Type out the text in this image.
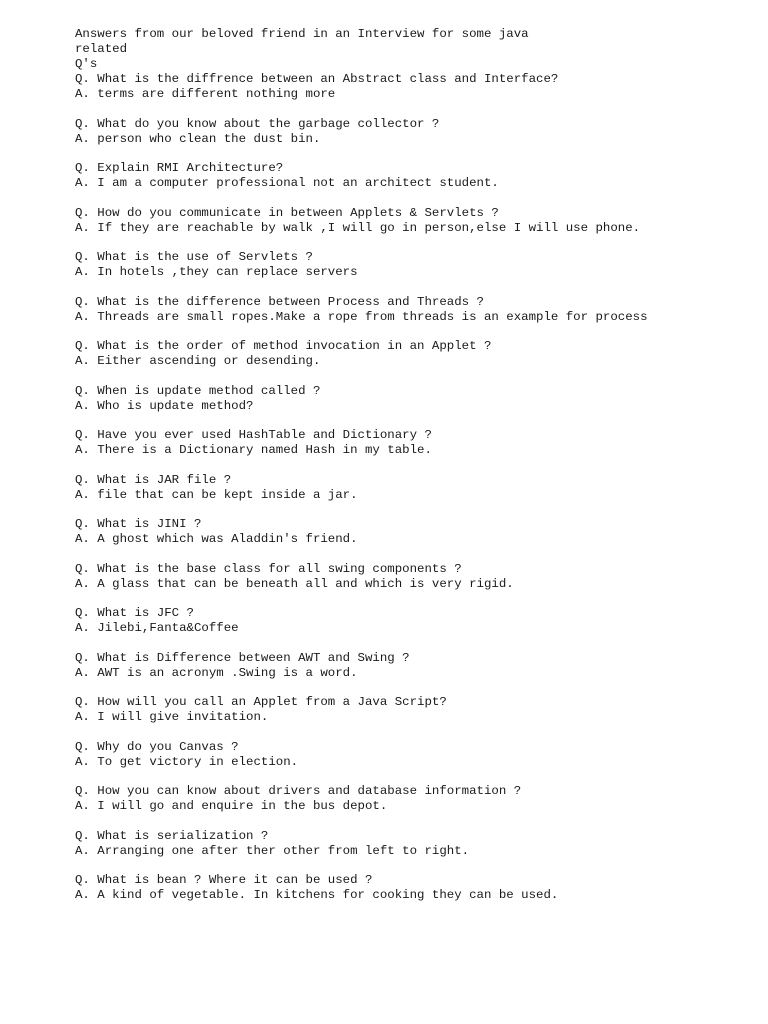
Answers from our beloved friend in an Interview for some java
related
Q's
Q. What is the diffrence between an Abstract class and Interface?
A. terms are different nothing more
Q. What do you know about the garbage collector ?
A. person who clean the dust bin.
Q. Explain RMI Architecture?
A. I am a computer professional not an architect student.
Q. How do you communicate in between Applets & Servlets ?
A. If they are reachable by walk ,I will go in person,else I will use phone.
Q. What is the use of Servlets ?
A. In hotels ,they can replace servers
Q. What is the difference between Process and Threads ?
A. Threads are small ropes.Make a rope from threads is an example for process
Q. What is the order of method invocation in an Applet ?
A. Either ascending or desending.
Q. When is update method called ?
A. Who is update method?
Q. Have you ever used HashTable and Dictionary ?
A. There is a Dictionary named Hash in my table.
Q. What is JAR file ?
A. file that can be kept inside a jar.
Q. What is JINI ?
A. A ghost which was Aladdin's friend.
Q. What is the base class for all swing components ?
A. A glass that can be beneath all and which is very rigid.
Q. What is JFC ?
A. Jilebi,Fanta&Coffee
Q. What is Difference between AWT and Swing ?
A. AWT is an acronym .Swing is a word.
Q. How will you call an Applet from a Java Script?
A. I will give invitation.
Q. Why do you Canvas ?
A. To get victory in election.
Q. How you can know about drivers and database information ?
A. I will go and enquire in the bus depot.
Q. What is serialization ?
A. Arranging one after ther other from left to right.
Q. What is bean ? Where it can be used ?
A. A kind of vegetable. In kitchens for cooking they can be used.
